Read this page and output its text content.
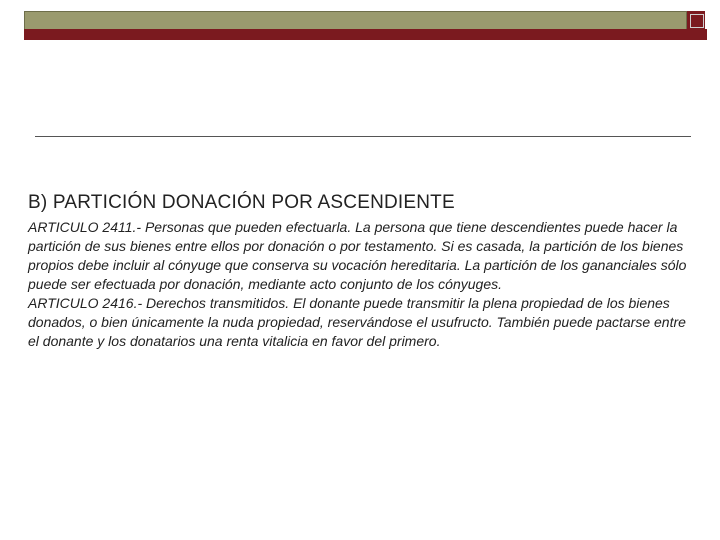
B) PARTICIÓN DONACIÓN POR ASCENDIENTE

ARTICULO 2411.- Personas que pueden efectuarla. La persona que tiene descendientes puede hacer la partición de sus bienes entre ellos por donación o por testamento. Si es casada, la partición de los bienes propios debe incluir al cónyuge que conserva su vocación hereditaria. La partición de los gananciales sólo puede ser efectuada por donación, mediante acto conjunto de los cónyuges.

ARTICULO 2416.- Derechos transmitidos. El donante puede transmitir la plena propiedad de los bienes donados, o bien únicamente la nuda propiedad, reservándose el usufructo. También puede pactarse entre el donante y los donatarios una renta vitalicia en favor del primero.
